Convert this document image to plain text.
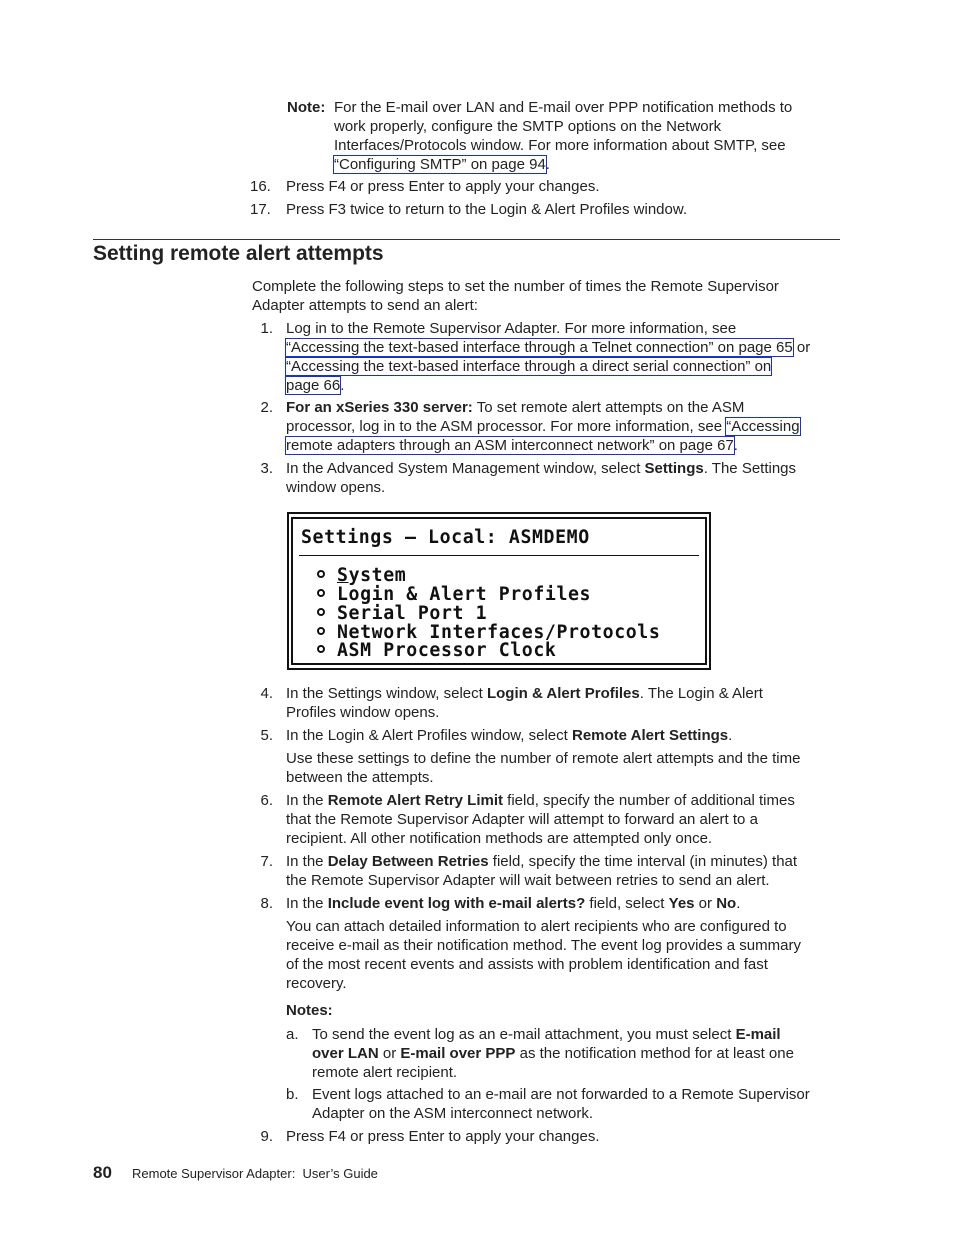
Note: For the E-mail over LAN and E-mail over PPP notification methods to
work properly, configure the SMTP options on the Network
Interfaces/Protocols window. For more information about SMTP, see
“Configuring SMTP” on page 94.
16. Press F4 or press Enter to apply your changes.
17. Press F3 twice to return to the Login & Alert Profiles window.
Setting remote alert attempts
Complete the following steps to set the number of times the Remote Supervisor
Adapter attempts to send an alert:
1. Log in to the Remote Supervisor Adapter. For more information, see
“Accessing the text-based interface through a Telnet connection” on page 65 or
“Accessing the text-based interface through a direct serial connection” on
page 66.
2. For an xSeries 330 server: To set remote alert attempts on the ASM
processor, log in to the ASM processor. For more information, see “Accessing
remote adapters through an ASM interconnect network” on page 67.
3. In the Advanced System Management window, select Settings. The Settings
window opens.
Settings – Local: ASMDEMO
System
Login & Alert Profiles
Serial Port 1
Network Interfaces/Protocols
ASM Processor Clock
4. In the Settings window, select Login & Alert Profiles. The Login & Alert
Profiles window opens.
5. In the Login & Alert Profiles window, select Remote Alert Settings.
Use these settings to define the number of remote alert attempts and the time
between the attempts.
6. In the Remote Alert Retry Limit field, specify the number of additional times
that the Remote Supervisor Adapter will attempt to forward an alert to a
recipient. All other notification methods are attempted only once.
7. In the Delay Between Retries field, specify the time interval (in minutes) that
the Remote Supervisor Adapter will wait between retries to send an alert.
8. In the Include event log with e-mail alerts? field, select Yes or No.
You can attach detailed information to alert recipients who are configured to
receive e-mail as their notification method. The event log provides a summary
of the most recent events and assists with problem identification and fast
recovery.
Notes:
a. To send the event log as an e-mail attachment, you must select E-mail
over LAN or E-mail over PPP as the notification method for at least one
remote alert recipient.
b. Event logs attached to an e-mail are not forwarded to a Remote Supervisor
Adapter on the ASM interconnect network.
9. Press F4 or press Enter to apply your changes.
80 Remote Supervisor Adapter:  User’s Guide
